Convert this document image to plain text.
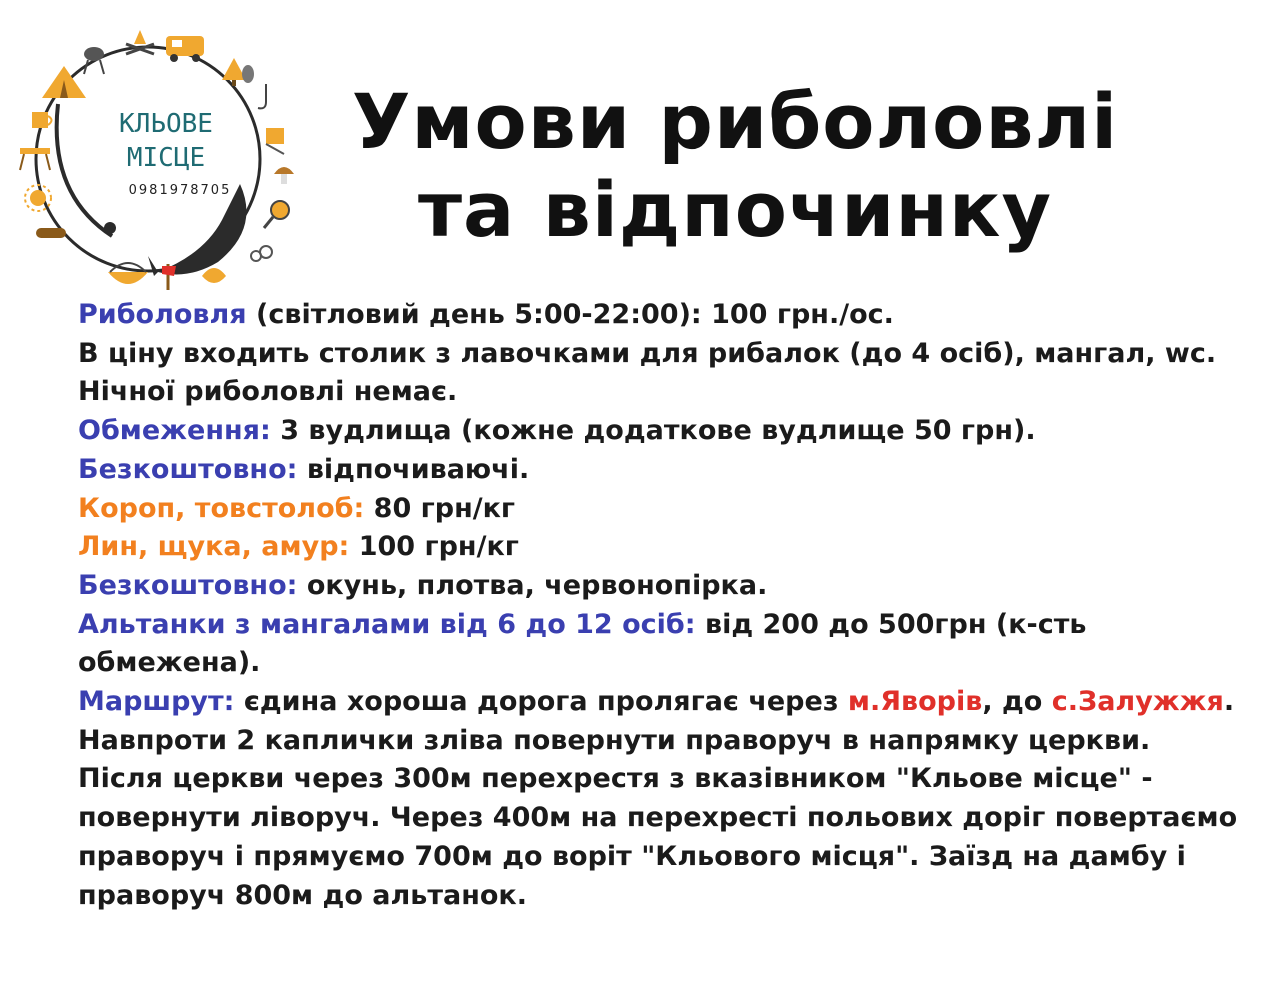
КЛЬОВЕ
МІСЦЕ
0981978705
Умови риболовлі
та відпочинку

Риболовля (світловий день 5:00-22:00): 100 грн./ос.

В ціну входить столик з лавочками для рибалок (до 4 осіб), мангал, wc. Нічної риболовлі немає.

Обмеження: 3 вудлища (кожне додаткове вудлище 50 грн).

Безкоштовно: відпочиваючі.

Короп, товстолоб: 80 грн/кг

Лин, щука, амур: 100 грн/кг

Безкоштовно: окунь, плотва, червонопірка.

Альтанки з мангалами від 6 до 12 осіб: від 200 до 500грн (к-сть обмежена).

Маршрут: єдина хороша дорога пролягає через м.Яворів, до с.Залужжя. Навпроти 2 каплички зліва повернути праворуч в напрямку церкви. Після церкви через 300м перехрестя з вказівником "Кльове місце" - повернути ліворуч. Через 400м на перехресті польових доріг повертаємо праворуч і прямуємо 700м до воріт "Кльового місця". Заїзд на дамбу і праворуч 800м до альтанок.
